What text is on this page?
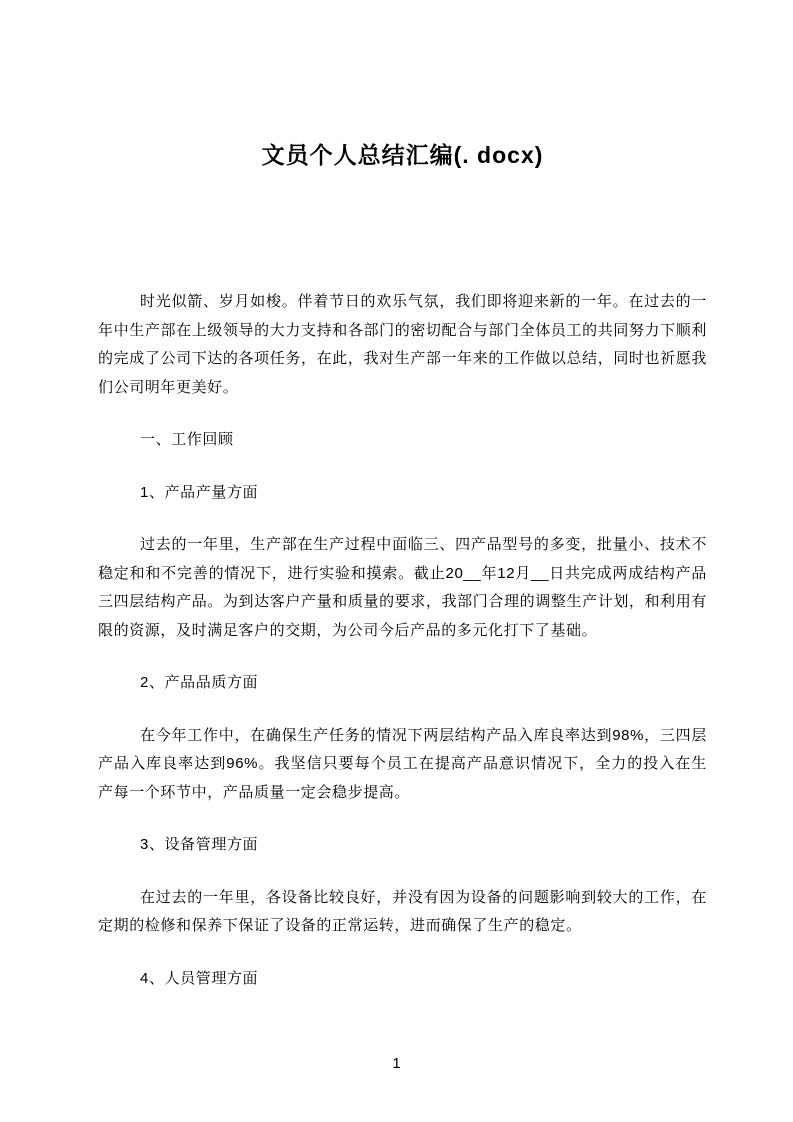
文员个人总结汇编(. docx)

时光似箭、岁月如梭。伴着节日的欢乐气氛，我们即将迎来新的一年。在过去的一年中生产部在上级领导的大力支持和各部门的密切配合与部门全体员工的共同努力下顺利的完成了公司下达的各项任务，在此，我对生产部一年来的工作做以总结，同时也祈愿我们公司明年更美好。

一、工作回顾

1、产品产量方面

过去的一年里，生产部在生产过程中面临三、四产品型号的多变，批量小、技术不稳定和和不完善的情况下，进行实验和摸索。截止20__年12月__日共完成两成结构产品三四层结构产品。为到达客户产量和质量的要求，我部门合理的调整生产计划，和利用有限的资源，及时满足客户的交期，为公司今后产品的多元化打下了基础。

2、产品品质方面

在今年工作中，在确保生产任务的情况下两层结构产品入库良率达到98%，三四层产品入库良率达到96%。我坚信只要每个员工在提高产品意识情况下，全力的投入在生产每一个环节中，产品质量一定会稳步提高。

3、设备管理方面

在过去的一年里，各设备比较良好，并没有因为设备的问题影响到较大的工作，在定期的检修和保养下保证了设备的正常运转，进而确保了生产的稳定。

4、人员管理方面

1
